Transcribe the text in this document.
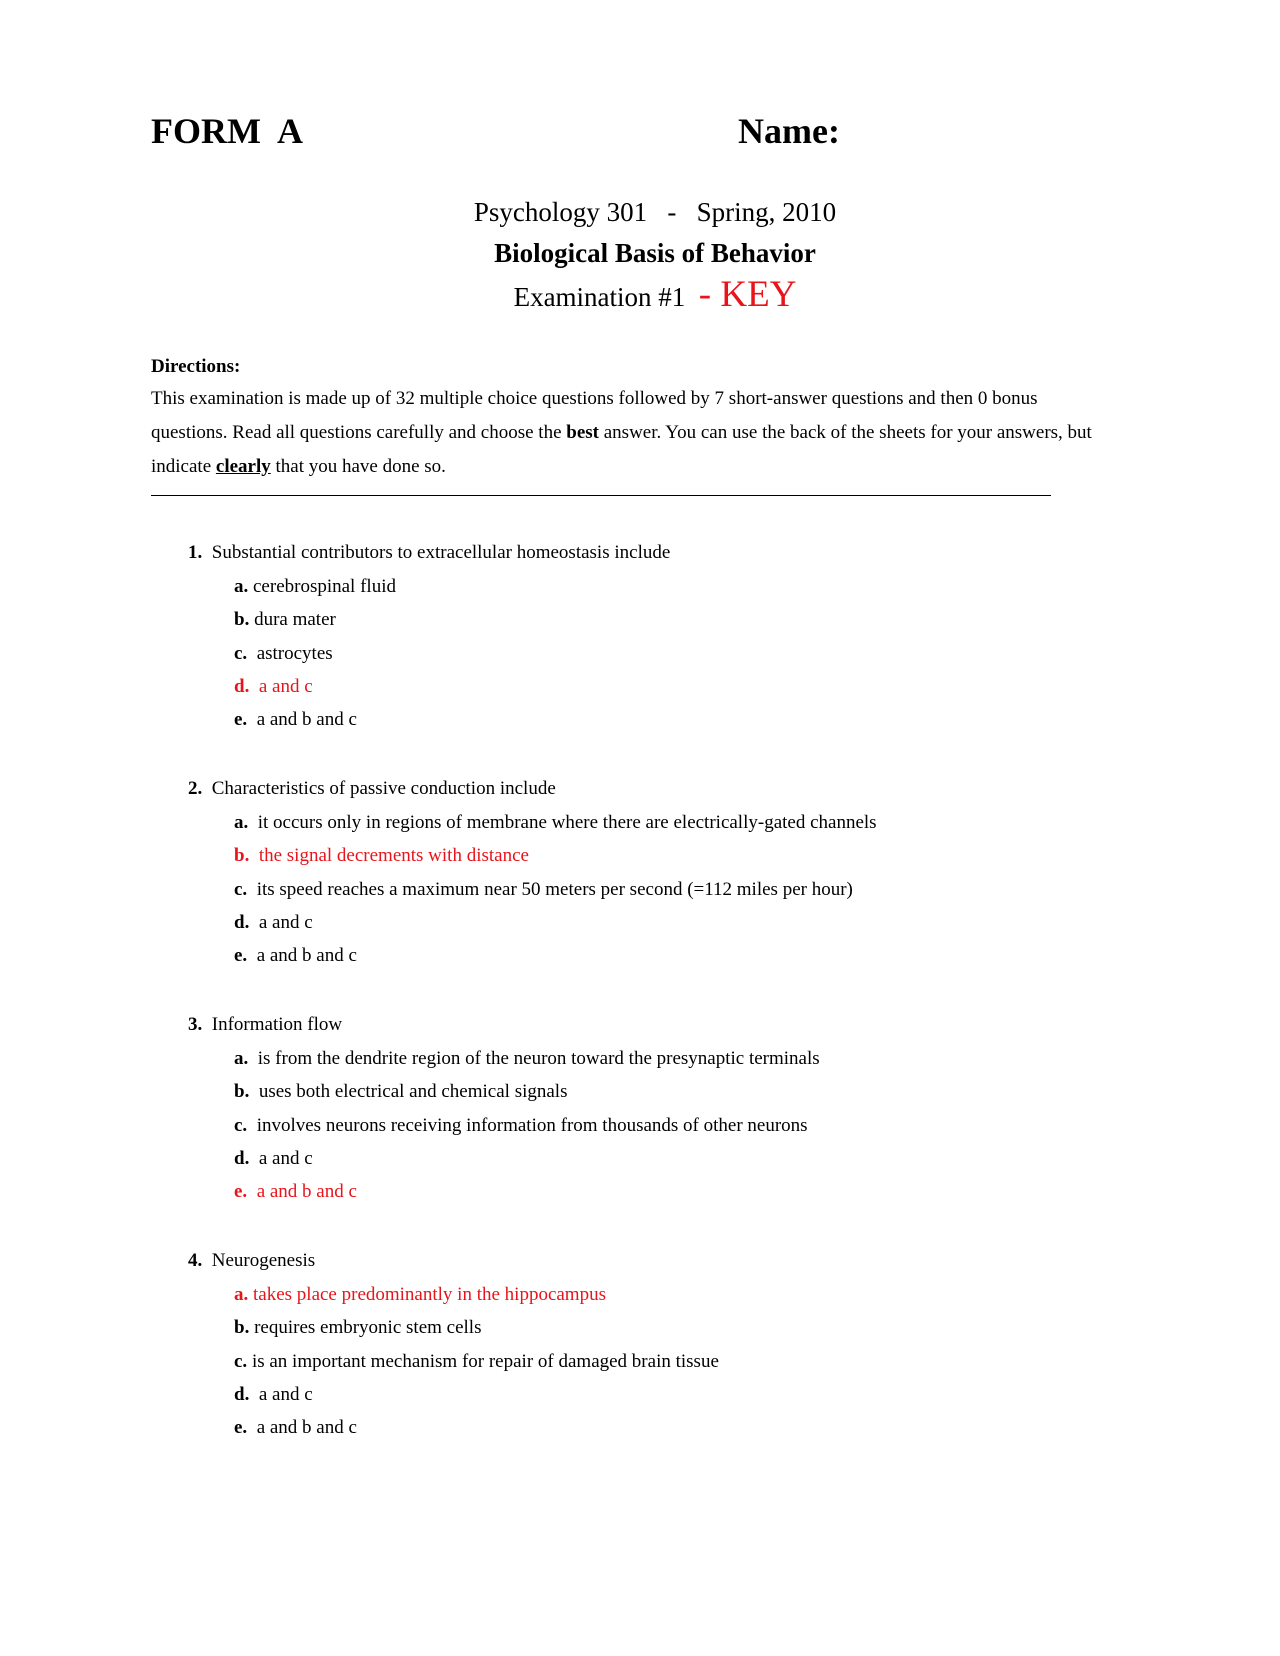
FORM  A	Name:
Psychology 301   -   Spring, 2010
Biological Basis of Behavior
Examination #1  - KEY
Directions:

This examination is made up of 32 multiple choice questions followed by 7 short-answer questions and then 0 bonus questions. Read all questions carefully and choose the best answer. You can use the back of the sheets for your answers, but indicate clearly that you have done so.

1. Substantial contributors to extracellular homeostasis include
a. cerebrospinal fluid
b. dura mater
c. astrocytes
d. a and c
e. a and b and c
2. Characteristics of passive conduction include
a. it occurs only in regions of membrane where there are electrically-gated channels
b. the signal decrements with distance
c. its speed reaches a maximum near 50 meters per second (=112 miles per hour)
d. a and c
e. a and b and c
3. Information flow
a. is from the dendrite region of the neuron toward the presynaptic terminals
b. uses both electrical and chemical signals
c. involves neurons receiving information from thousands of other neurons
d. a and c
e. a and b and c
4. Neurogenesis
a. takes place predominantly in the hippocampus
b. requires embryonic stem cells
c. is an important mechanism for repair of damaged brain tissue
d. a and c
e. a and b and c
